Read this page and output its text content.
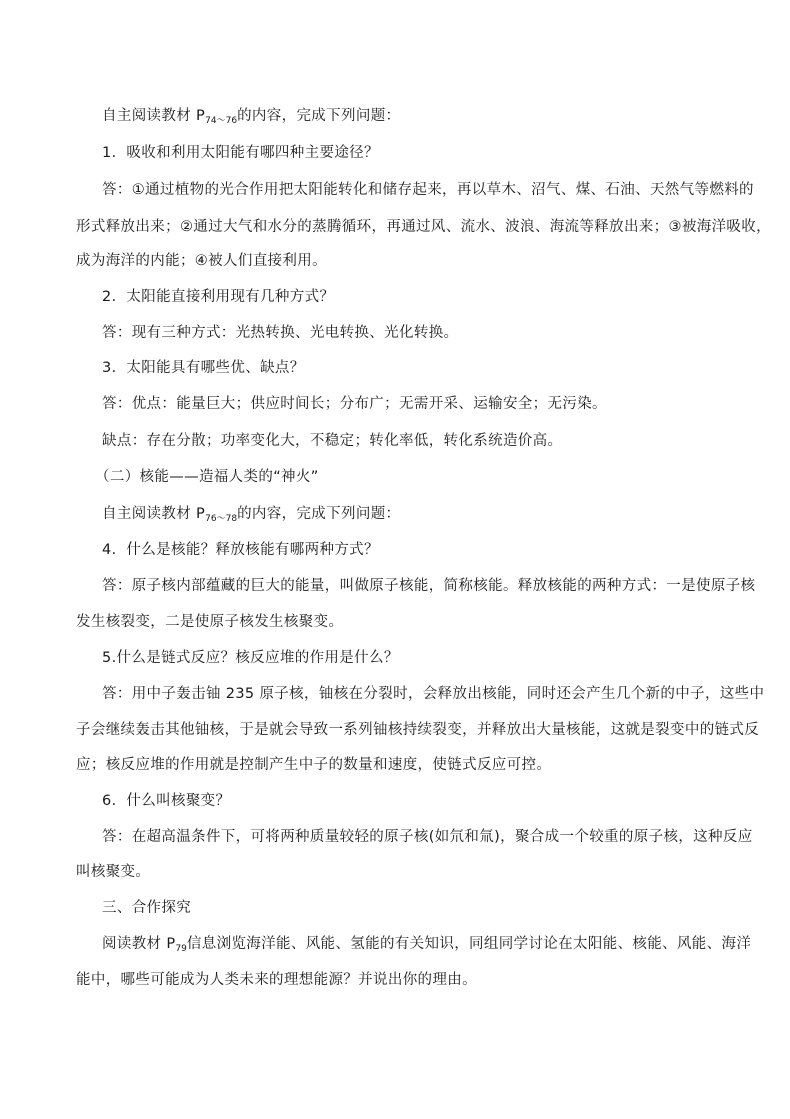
自主阅读教材 $P_{74\sim 76}$的内容，完成下列问题：
1．吸收和利用太阳能有哪四种主要途径？
答：①通过植物的光合作用把太阳能转化和储存起来，再以草木、沼气、煤、石油、天然气等燃料的
形式释放出来；②通过大气和水分的蒸腾循环，再通过风、流水、波浪、海流等释放出来；③被海洋吸收，
成为海洋的内能；④被人们直接利用。
2．太阳能直接利用现有几种方式？
答：现有三种方式：光热转换、光电转换、光化转换。
3．太阳能具有哪些优、缺点？
答：优点：能量巨大；供应时间长；分布广；无需开采、运输安全；无污染。
缺点：存在分散；功率变化大，不稳定；转化率低，转化系统造价高。
（二）核能——造福人类的“神火”
自主阅读教材 $P_{76\sim 78}$的内容，完成下列问题：
4．什么是核能？释放核能有哪两种方式？
答：原子核内部蕴藏的巨大的能量，叫做原子核能，简称核能。释放核能的两种方式：一是使原子核
发生核裂变，二是使原子核发生核聚变。
5.什么是链式反应？核反应堆的作用是什么？
答：用中子轰击铀 235 原子核，铀核在分裂时，会释放出核能，同时还会产生几个新的中子，这些中
子会继续轰击其他铀核，于是就会导致一系列铀核持续裂变，并释放出大量核能，这就是裂变中的链式反
应；核反应堆的作用就是控制产生中子的数量和速度，使链式反应可控。
6．什么叫核聚变？
答：在超高温条件下，可将两种质量较轻的原子核(如氘和氚)，聚合成一个较重的原子核，这种反应
叫核聚变。
三、合作探究
阅读教材 $P_{79}$信息浏览海洋能、风能、氢能的有关知识，同组同学讨论在太阳能、核能、风能、海洋
能中，哪些可能成为人类未来的理想能源？并说出你的理由。
